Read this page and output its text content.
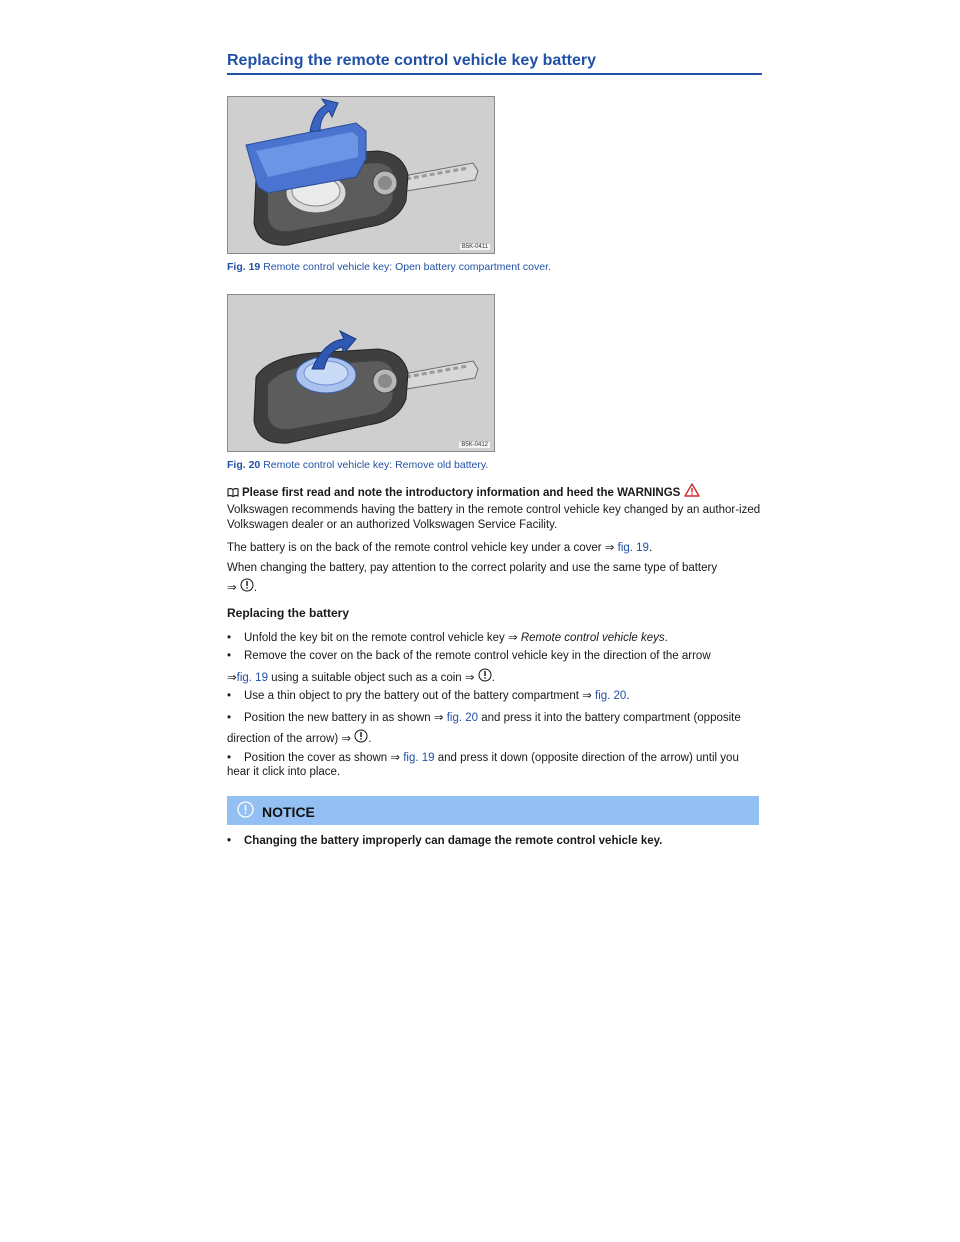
Replacing the remote control vehicle key battery
B5K-0411
Fig. 19 Remote control vehicle key: Open battery compartment cover.
B5K-0412
Fig. 20 Remote control vehicle key: Remove old battery.
Please first read and note the introductory information and heed the WARNINGS
Volkswagen recommends having the battery in the remote control vehicle key changed by an author-ized Volkswagen dealer or an authorized Volkswagen Service Facility.
The battery is on the back of the remote control vehicle key under a cover ⇒ fig. 19.
When changing the battery, pay attention to the correct polarity and use the same type of battery
⇒ .
Replacing the battery
• Unfold the key bit on the remote control vehicle key ⇒ Remote control vehicle keys.
• Remove the cover on the back of the remote control vehicle key in the direction of the arrow
⇒fig. 19 using a suitable object such as a coin ⇒ .
• Use a thin object to pry the battery out of the battery compartment ⇒ fig. 20.
• Position the new battery in as shown ⇒ fig. 20 and press it into the battery compartment (opposite
direction of the arrow) ⇒ .
• Position the cover as shown ⇒ fig. 19 and press it down (opposite direction of the arrow) until you
hear it click into place.
NOTICE
• Changing the battery improperly can damage the remote control vehicle key.
